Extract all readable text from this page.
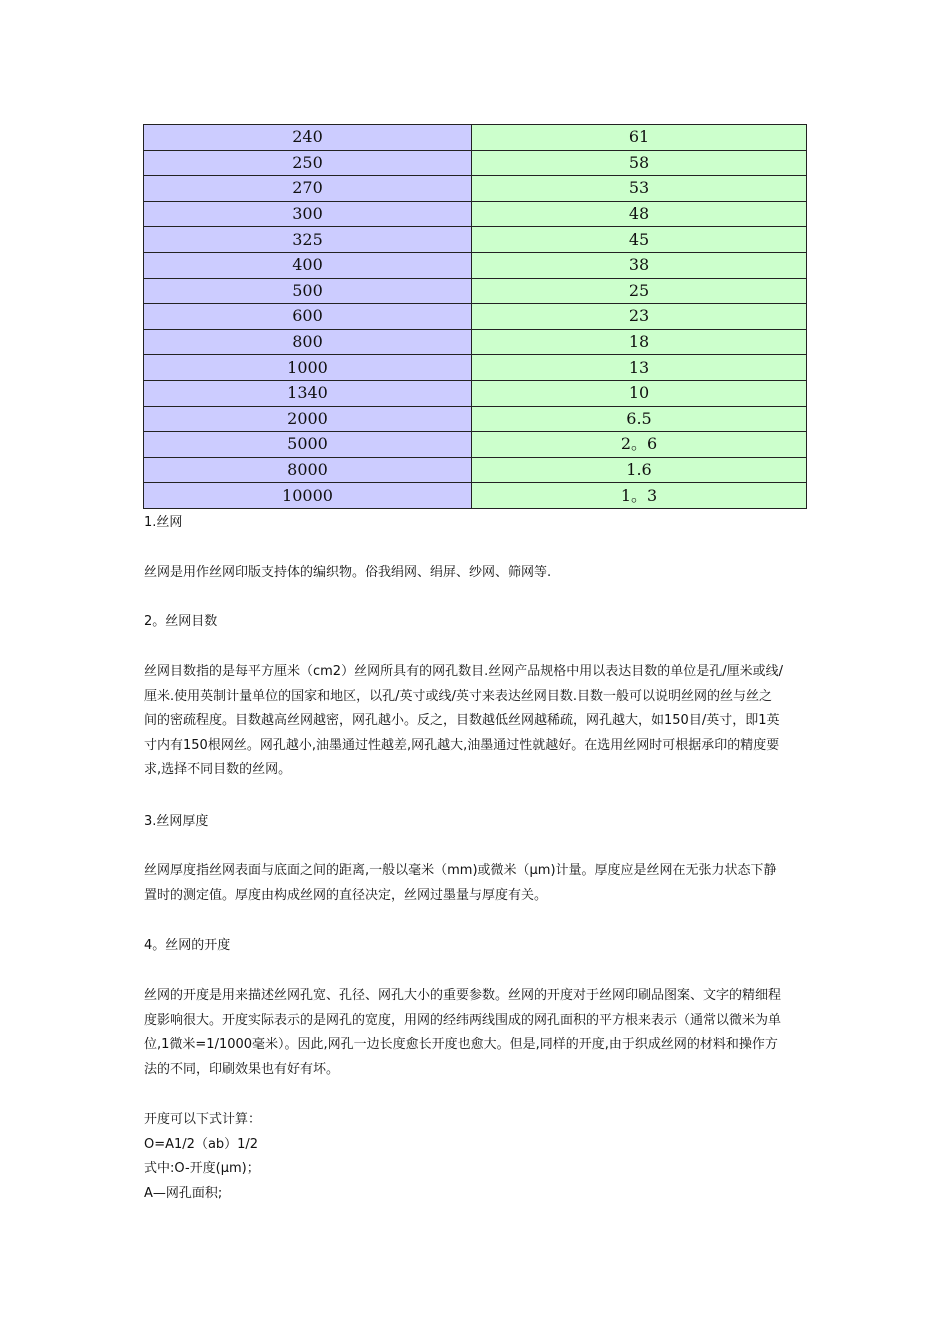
240	61
250	58
270	53
300	48
325	45
400	38
500	25
600	23
800	18
1000	13
1340	10
2000	6.5
5000	2。6
8000	1.6
10000	1。3

1.丝网

丝网是用作丝网印版支持体的编织物。俗我绢网、绢屏、纱网、筛网等.

2。丝网目数

丝网目数指的是每平方厘米（cm2）丝网所具有的网孔数目.丝网产品规格中用以表达目数的单位是孔/厘米或线/厘米.使用英制计量单位的国家和地区，以孔/英寸或线/英寸来表达丝网目数.目数一般可以说明丝网的丝与丝之间的密疏程度。目数越高丝网越密，网孔越小。反之，目数越低丝网越稀疏，网孔越大，如150目/英寸，即1英寸内有150根网丝。网孔越小,油墨通过性越差,网孔越大,油墨通过性就越好。在选用丝网时可根据承印的精度要求,选择不同目数的丝网。

3.丝网厚度

丝网厚度指丝网表面与底面之间的距离,一般以毫米（mm)或微米（μm)计量。厚度应是丝网在无张力状态下静置时的测定值。厚度由构成丝网的直径决定，丝网过墨量与厚度有关。

4。丝网的开度

丝网的开度是用来描述丝网孔宽、孔径、网孔大小的重要参数。丝网的开度对于丝网印刷品图案、文字的精细程度影响很大。开度实际表示的是网孔的宽度，用网的经纬两线围成的网孔面积的平方根来表示（通常以微米为单位,1微米=1/1000毫米）。因此,网孔一边长度愈长开度也愈大。但是,同样的开度,由于织成丝网的材料和操作方法的不同，印刷效果也有好有坏。

开度可以下式计算：

O=A1/2（ab）1/2

式中:O-开度(μm)；

A—网孔面积;
